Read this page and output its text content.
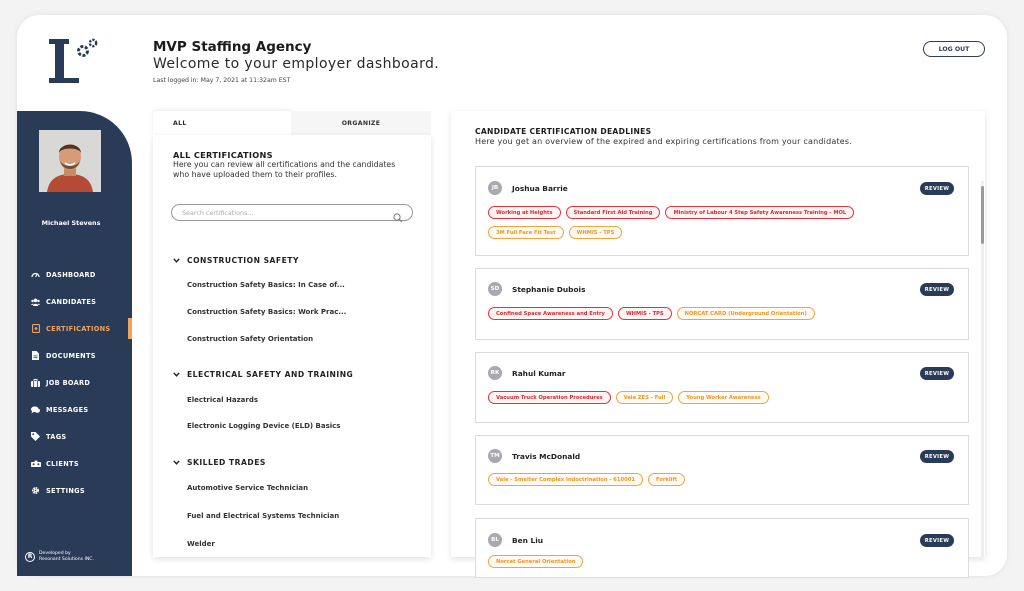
MVP Staffing Agency
Welcome to your employer dashboard.
Last logged in: May 7, 2021 at 11:32am EST
LOG OUT
Michael Stevens
DASHBOARD
CANDIDATES
CERTIFICATIONS
DOCUMENTS
JOB BOARD
MESSAGES
TAGS
CLIENTS
SETTINGS
R	Developed by
Resonant Solutions INC.
ALL	ORGANIZE
ALL CERTIFICATIONS
Here you can review all certifications and the candidates who have uploaded them to their profiles.
Search certifications...
CONSTRUCTION SAFETY
Construction Safety Basics: In Case of...
Construction Safety Basics: Work Prac...
Construction Safety Orientation
ELECTRICAL SAFETY AND TRAINING
Electrical Hazards
Electronic Logging Device (ELD) Basics
SKILLED TRADES
Automotive Service Technician
Fuel and Electrical Systems Technician
Welder
CANDIDATE CERTIFICATION DEADLINES
Here you get an overview of the expired and expiring certifications from your candidates.
JB	Joshua Barrie	REVIEW
Working at Heights	Standard First Aid Training	Ministry of Labour 4 Step Safety Awareness Training - MOL
3M Full Face Fit Test	WHMIS - TPS
SD	Stephanie Dubois	REVIEW
Confined Space Awareness and Entry	WHMIS - TPS	NORCAT CARD (Underground Orientation)
RK	Rahul Kumar	REVIEW
Vacuum Truck Operation Procedures	Vale ZES - Full	Young Worker Awareness
TM	Travis McDonald	REVIEW
Vale - Smelter Complex Indoctrination - 610001	Forklift
BL	Ben Liu	REVIEW
Norcat General Orientation
